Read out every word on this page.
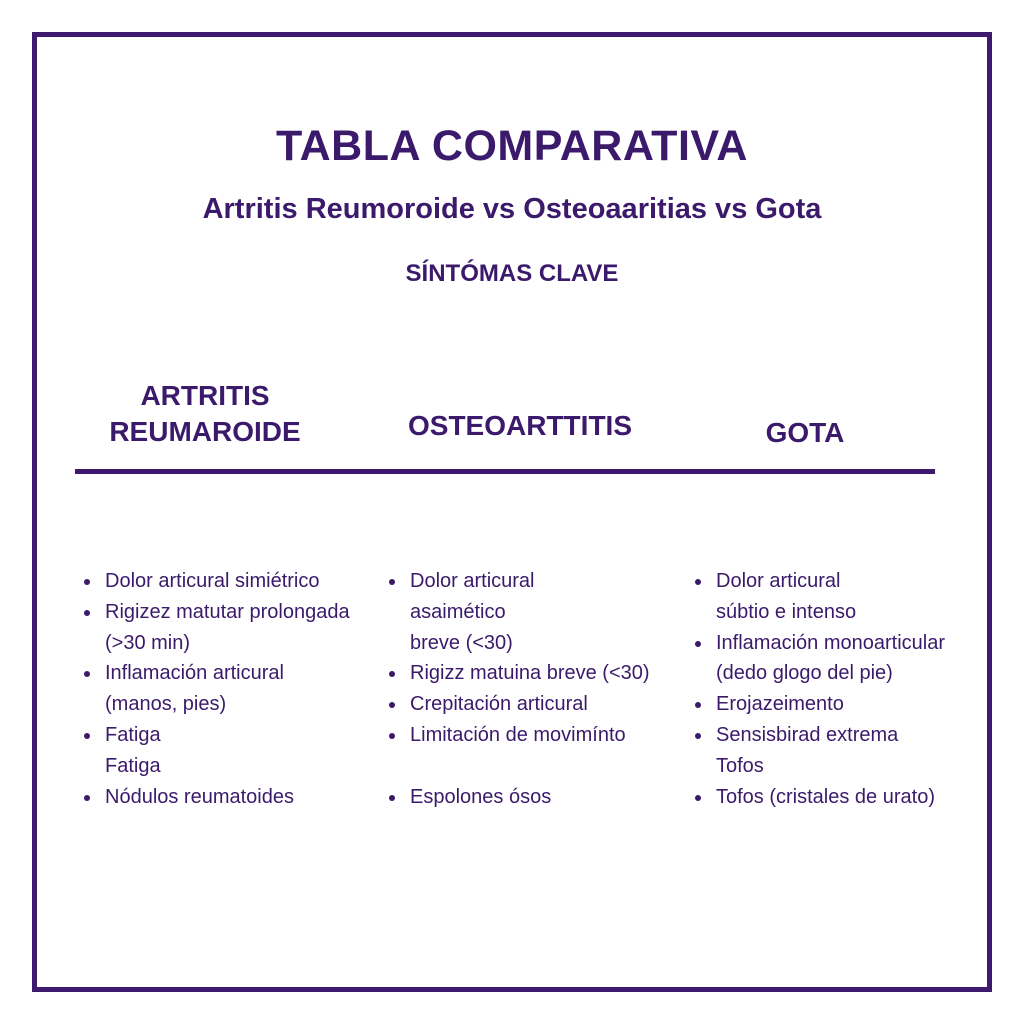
TABLA COMPARATIVA
Artritis Reumoroide vs Osteoaaritias vs Gota
SÍNTÓMAS CLAVE
ARTRITIS
REUMAROIDE	OSTEOARTTITIS	GOTA
Dolor articural simiétrico
Rigizez matutar prolongada
(>30 min)
Inflamación articural
(manos, pies)
Fatiga
Fatiga
Nódulos reumatoides
Dolor articural
asaimético
breve (<30)
Rigizz matuina breve (<30)
Crepitación articural
Limitación de movimínto
Espolones ósos
Dolor articural
súbtio e intenso
Inflamación monoarticular
(dedo glogo del pie)
Erojazeimento
Sensisbirad extrema
Tofos
Tofos (cristales de urato)
